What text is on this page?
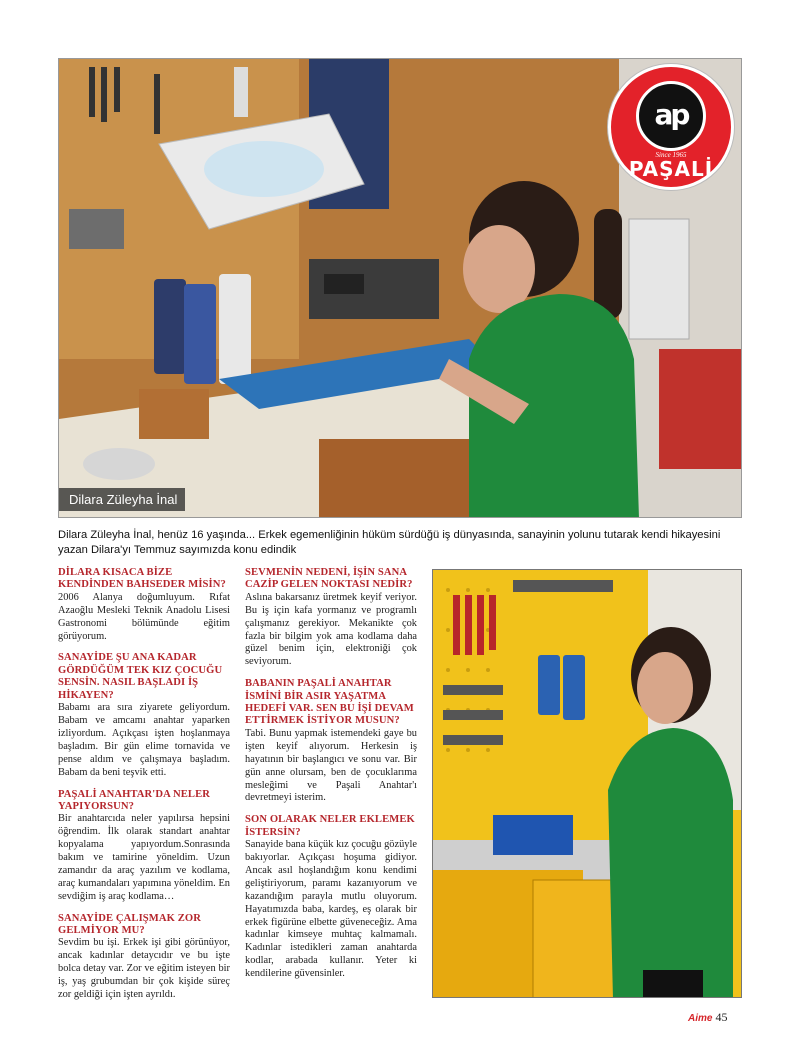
Dilara Züleyha İnal
ap
Since 1965
PAŞALİ

Dilara Züleyha İnal, henüz 16 yaşında... Erkek egemenliğinin hüküm sürdüğü iş dünyasında, sanayinin yolunu tutarak kendi hikayesini yazan Dilara'yı Temmuz sayımızda konu edindik

DİLARA KISACA BİZE KENDİNDEN BAHSEDER MİSİN?
2006 Alanya doğumluyum. Rıfat Azaoğlu Mesleki Teknik Anadolu Lisesi Gastronomi bölümünde eğitim görüyorum.
SANAYİDE ŞU ANA KADAR GÖRDÜĞÜM TEK KIZ ÇOCUĞU SENSİN. NASIL BAŞLADI İŞ HİKAYEN?
Babamı ara sıra ziyarete geliyordum. Babam ve amcamı anahtar yaparken izliyordum. Açıkçası işten hoşlanmaya başladım. Bir gün elime tornavida ve pense aldım ve çalışmaya başladım. Babam da beni teşvik etti.
PAŞALİ ANAHTAR'DA NELER YAPIYORSUN?
Bir anahtarcıda neler yapılırsa hepsini öğrendim. İlk olarak standart anahtar kopyalama yapıyordum.Sonrasında bakım ve tamirine yöneldim. Uzun zamandır da araç yazılım ve kodlama, araç kumandaları yapımına yöneldim. En sevdiğim iş araç kodlama…
SANAYİDE ÇALIŞMAK ZOR GELMİYOR MU?
Sevdim bu işi. Erkek işi gibi görünüyor, ancak kadınlar detaycıdır ve bu işte bolca detay var. Zor ve eğitim isteyen bir iş, yaş grubumdan bir çok kişide süreç zor geldiği için işten ayrıldı.
SEVMENİN NEDENİ, İŞİN SANA CAZİP GELEN NOKTASI NEDİR?
Aslına bakarsanız üretmek keyif veriyor. Bu iş için kafa yormanız ve programlı çalışmanız gerekiyor. Mekanikte çok fazla bir bilgim yok ama kodlama daha güzel benim için, elektroniği çok seviyorum.
BABANIN PAŞALİ ANAHTAR İSMİNİ BİR ASIR YAŞATMA HEDEFİ VAR. SEN BU İŞİ DEVAM ETTİRMEK İSTİYOR MUSUN?
Tabi. Bunu yapmak istemendeki gaye bu işten keyif alıyorum. Herkesin iş hayatının bir başlangıcı ve sonu var. Bir gün anne olursam, ben de çocuklarıma mesleğimi ve Paşali Anahtar'ı devretmeyi isterim.
SON OLARAK NELER EKLEMEK İSTERSİN?
Sanayide bana küçük kız çocuğu gözüyle bakıyorlar. Açıkçası hoşuma gidiyor. Ancak asıl hoşlandığım konu kendimi geliştiriyorum, paramı kazanıyorum ve kazandığım parayla mutlu oluyorum. Hayatımızda baba, kardeş, eş olarak bir erkek figürüne elbette güveneceğiz. Ama kadınlar kimseye muhtaç kalmamalı. Kadınlar istedikleri zaman anahtarda kodlar, arabada kullanır. Yeter ki kendilerine güvensinler.
Aime 45
